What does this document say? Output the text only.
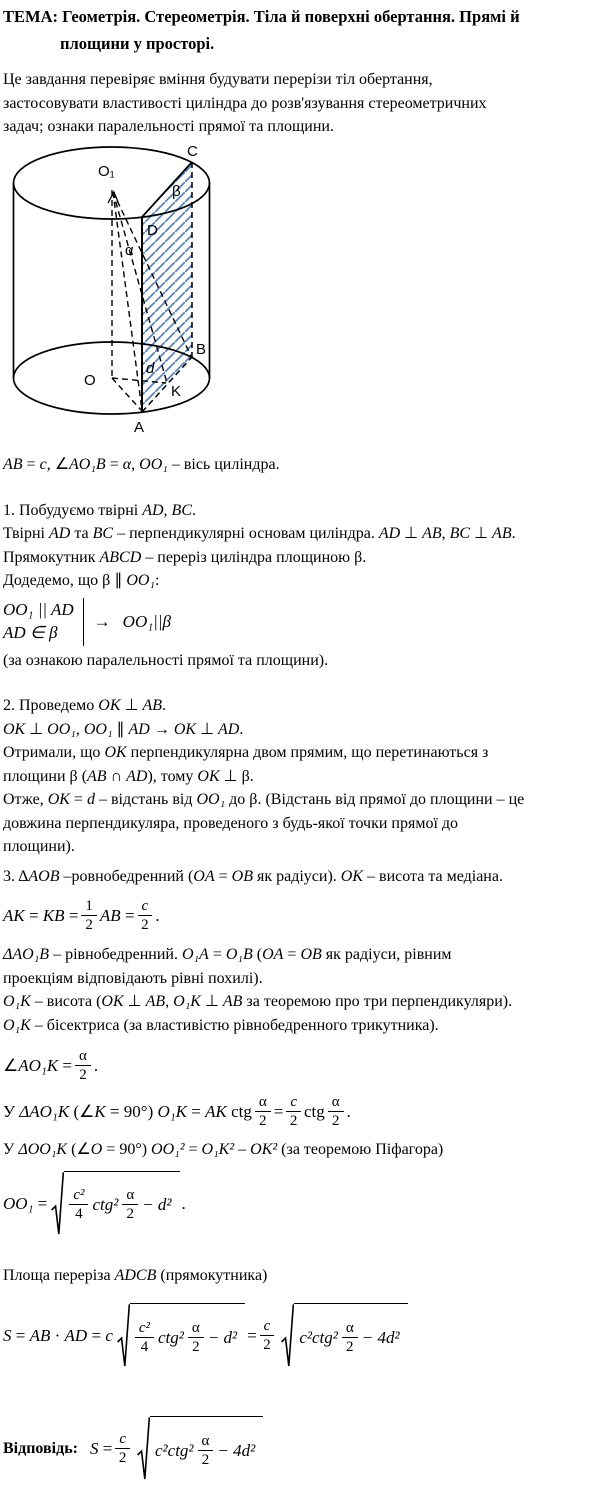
ТЕМА: Геометрія. Стереометрія. Тіла й поверхні обертання. Прямі й
площини у просторі.

Це завдання перевіряє вміння будувати перерізи тіл обертання,
застосовувати властивості циліндра до розв'язування стереометричних
задач; ознаки паралельності прямої та площини.

O₁
C
β
D
α
B
O
d
K
A

AB = c, ∠AO₁B = α, OO₁ – вісь циліндра.

1. Побудуємо твірні AD, BC.

Твірні AD та BC – перпендикулярні основам циліндра. AD ⊥ AB, BC ⊥ AB.

Прямокутник ABCD – переріз циліндра площиною β.

Додедемо, що β ∥ OO₁:

OO₁ || AD
AD ∈ β
→ OO₁||β

(за ознакою паралельності прямої та площини).

2. Проведемо OK ⊥ AB.

OK ⊥ OO₁, OO₁ ∥ AD → OK ⊥ AD.

Отримали, що OK перпендикулярна двом прямим, що перетинаються з

площини β (AB ∩ AD), тому OK ⊥ β.

Отже, OK = d – відстань від OO₁ до β. (Відстань від прямої до площини – це

довжина перпендикуляра, проведеного з будь-якої точки прямої до

площини).

3. ΔAOB –ровнобедренний (OA = OB як радіуси). OK – висота та медіана.

AK = KB = $\frac{1}{2}$ AB = $\frac{c}{2}$ .

ΔAO₁B – рівнобедренний. O₁A = O₁B (OA = OB як радіуси, рівним

проекціям відповідають рівні похилі).

O₁K – висота (OK ⊥ AB, O₁K ⊥ AB за теоремою про три перпендикуляри).

O₁K – бісектриса (за властивістю рівнобедренного трикутника).

∠AO₁K = $\frac{\alpha}{2}$ .
У ΔAO₁K (∠K = 90°) O₁K = AK ctg $\frac{\alpha}{2} = \frac{c}{2}$ ctg $\frac{\alpha}{2}$ .

У ΔOO₁K (∠O = 90°) OO₁² = O₁K² – OK² (за теоремою Піфагора)

$OO_1 = \frac{\text{c²}}{4} ctg^2 \frac{\alpha}{2} - d^2$ .

Площа переріза ADCB (прямокутника)

S = AB · AD = c $\frac{\text{c²}}{4} ctg^2 \frac{\alpha}{2} - d^2 = \frac{c}{2} c^2ctg^2 \frac{\alpha}{2} - 4d^2$
Відповідь: $S = \frac{c}{2} c^2ctg^2 \frac{\alpha}{2} - 4d^2$
